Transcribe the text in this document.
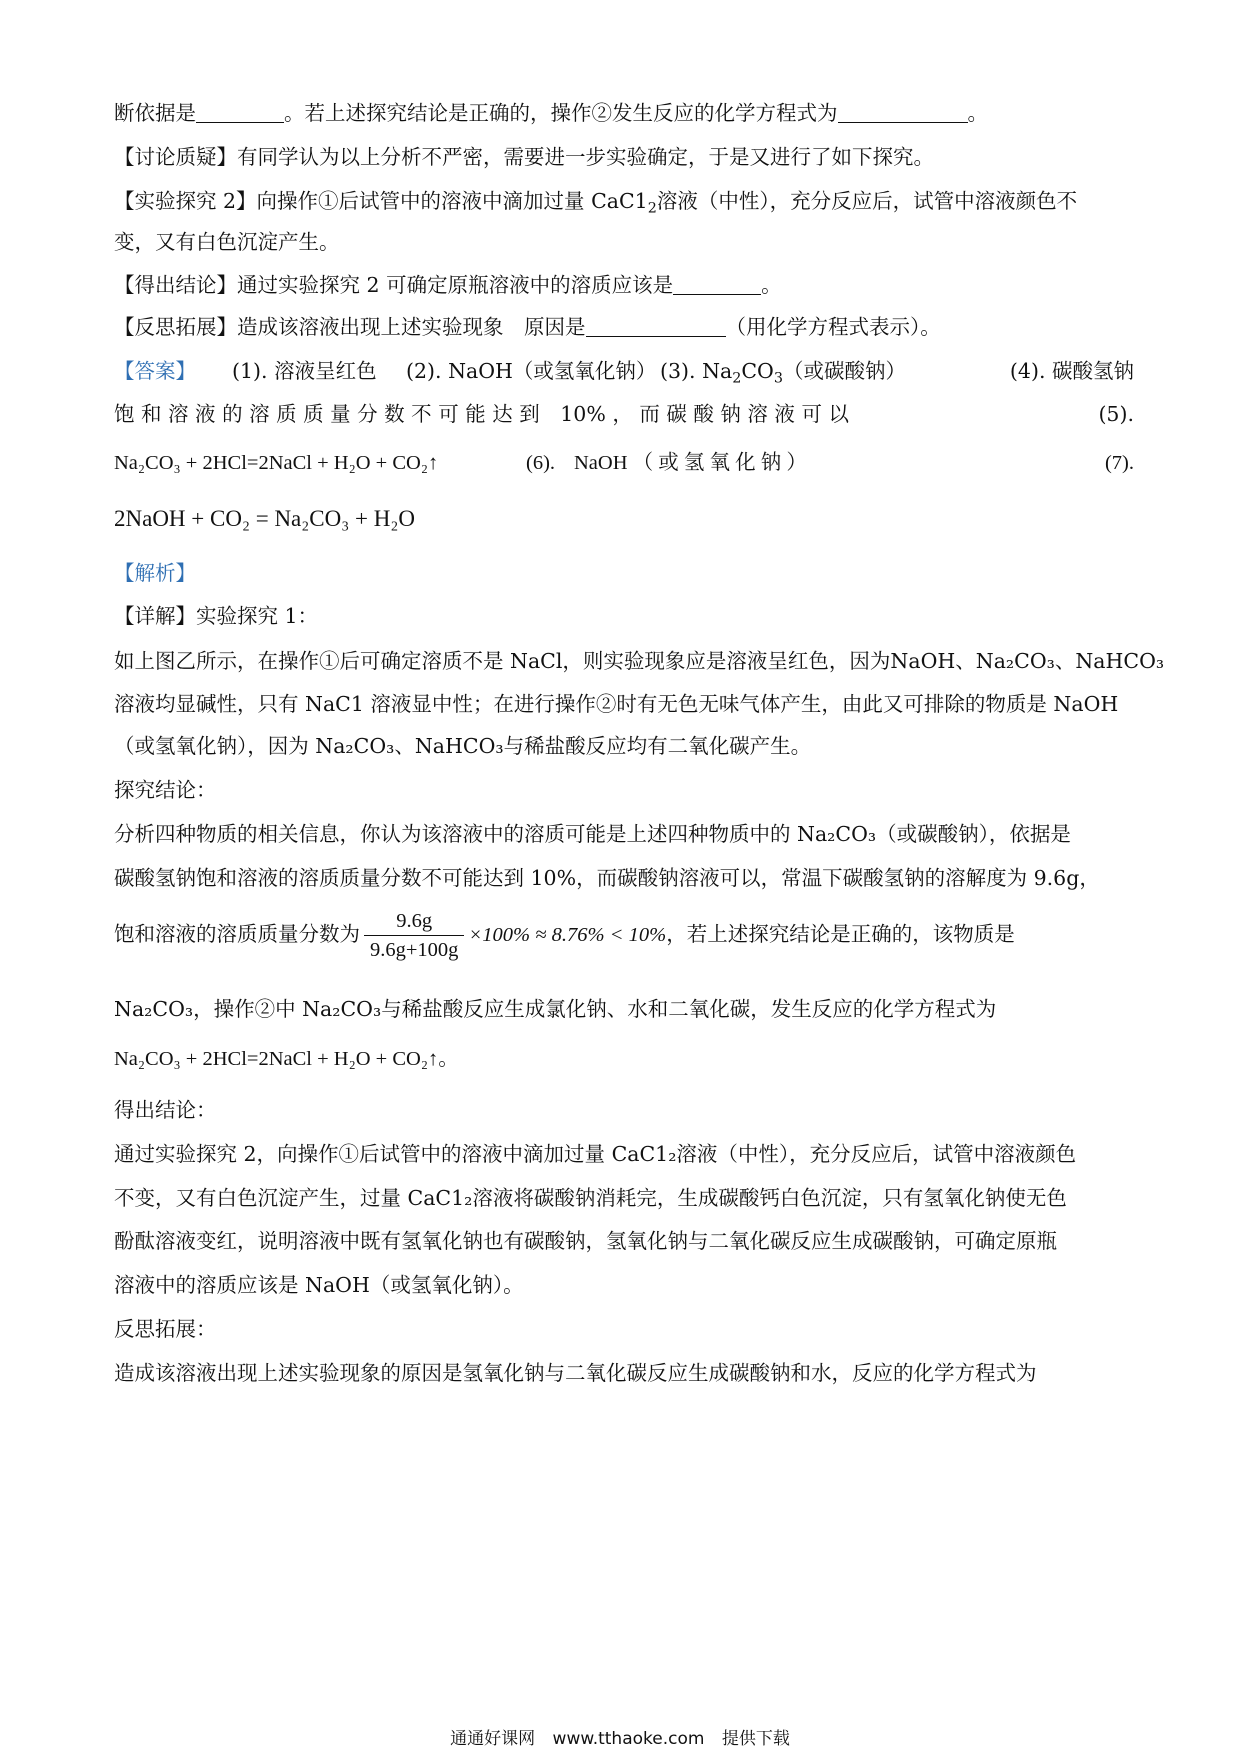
断依据是	。若上述探究结论是正确的，操作②发生反应的化学方程式为	。
【讨论质疑】有同学认为以上分析不严密，需要进一步实验确定，于是又进行了如下探究。
【实验探究 2】向操作①后试管中的溶液中滴加过量 $CaC1_2$溶液（中性），充分反应后，试管中溶液颜色不
变，又有白色沉淀产生。
【得出结论】通过实验探究 2 可确定原瓶溶液中的溶质应该是	。
【反思拓展】造成该溶液出现上述实验现象　原因是	（用化学方程式表示）。
【答案】 (1). 溶液呈红色 (2). NaOH（或氢氧化钠） (3). $Na_2CO_3$（或碳酸钠）	(4). 碳酸氢钠
饱 和 溶 液 的 溶 质 质 量 分 数 不 可 能 达 到　10% ， 而 碳 酸 钠 溶 液 可 以	(5).
Na₂CO₃ + 2HCl=2NaCl + H₂O + CO₂↑	(6). NaOH （ 或 氢 氧 化 钠 ）	(7).
2NaOH + CO₂ = Na₂CO₃ + H₂O
【解析】
【详解】实验探究 1：
如上图乙所示，在操作①后可确定溶质不是 NaCl，则实验现象应是溶液呈红色，因为NaOH、Na₂CO₃、NaHCO₃
溶液均显碱性，只有 NaC1 溶液显中性；在进行操作②时有无色无味气体产生，由此又可排除的物质是 NaOH
（或氢氧化钠），因为 Na₂CO₃、NaHCO₃与稀盐酸反应均有二氧化碳产生。
探究结论：
分析四种物质的相关信息，你认为该溶液中的溶质可能是上述四种物质中的 Na₂CO₃（或碳酸钠），依据是
碳酸氢钠饱和溶液的溶质质量分数不可能达到 10%，而碳酸钠溶液可以，常温下碳酸氢钠的溶解度为 9.6g，
饱和溶液的溶质质量分数为 $\frac{9.6g}{9.6g+100g} \times 100\% \approx 8.76\% < 10\%$，若上述探究结论是正确的，该物质是
Na₂CO₃，操作②中 Na₂CO₃与稀盐酸反应生成氯化钠、水和二氧化碳，发生反应的化学方程式为
Na₂CO₃ + 2HCl=2NaCl + H₂O + CO₂↑。
得出结论：
通过实验探究 2，向操作①后试管中的溶液中滴加过量 CaC1₂溶液（中性），充分反应后，试管中溶液颜色
不变，又有白色沉淀产生，过量 CaC1₂溶液将碳酸钠消耗完，生成碳酸钙白色沉淀，只有氢氧化钠使无色
酚酞溶液变红，说明溶液中既有氢氧化钠也有碳酸钠，氢氧化钠与二氧化碳反应生成碳酸钠，可确定原瓶
溶液中的溶质应该是 NaOH（或氢氧化钠）。
反思拓展：
造成该溶液出现上述实验现象的原因是氢氧化钠与二氧化碳反应生成碳酸钠和水，反应的化学方程式为
通通好课网 www.tthaoke.com 提供下载
